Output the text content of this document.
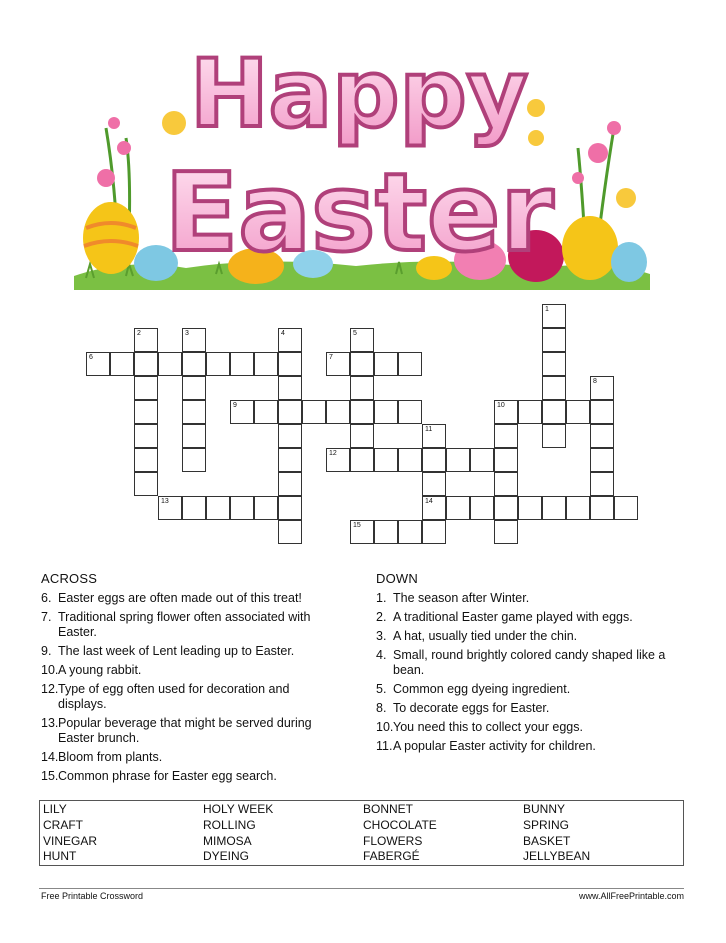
Happy
Easter
1
2	3	4	5
6	7
8
9	10
11
14
12
13
15
ACROSS
6. Easter eggs are often made out of this treat!
7. Traditional spring flower often associated with Easter.
9. The last week of Lent leading up to Easter.
10. A young rabbit.
12. Type of egg often used for decoration and displays.
13. Popular beverage that might be served during Easter brunch.
14. Bloom from plants.
15. Common phrase for Easter egg search.
DOWN
1. The season after Winter.
2. A traditional Easter game played with eggs.
3. A hat, usually tied under the chin.
4. Small, round brightly colored candy shaped like a bean.
5. Common egg dyeing ingredient.
8. To decorate eggs for Easter.
10. You need this to collect your eggs.
11. A popular Easter activity for children.
LILY	HOLY WEEK	BONNET	BUNNY
CRAFT	ROLLING	CHOCOLATE	SPRING
VINEGAR	MIMOSA	FLOWERS	BASKET
HUNT	DYEING	FABERGÉ	JELLYBEAN
Free Printable Crossword	www.AllFreePrintable.com
